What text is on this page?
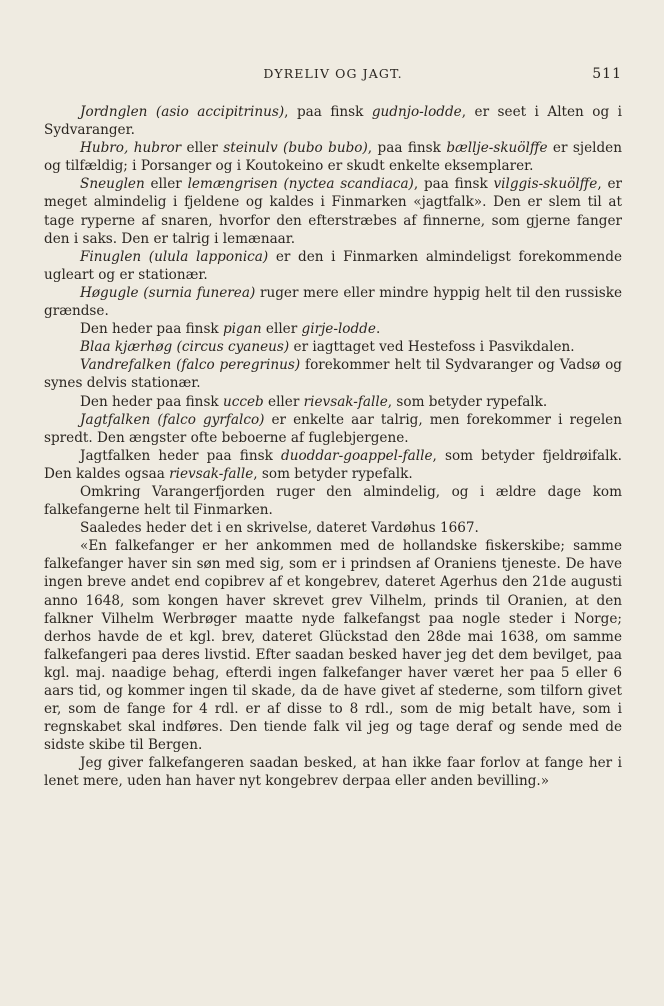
DYRELIV OG JAGT.	511

Jordnglen (asio accipitrinus), paa finsk gudnjo-lodde, er seet i Alten og i Sydvaranger.

Hubro, hubror eller steinulv (bubo bubo), paa finsk bællje-skuölffe er sjelden og tilfældig; i Porsanger og i Koutokeino er skudt enkelte eksemplarer.

Sneuglen eller lemængrisen (nyctea scandiaca), paa finsk vilggis-skuölffe, er meget almindelig i fjeldene og kaldes i Finmarken «jagtfalk». Den er slem til at tage ryperne af snaren, hvorfor den efterstræbes af finnerne, som gjerne fanger den i saks. Den er talrig i lemænaar.

Finuglen (ulula lapponica) er den i Finmarken almindeligst forekommende ugleart og er stationær.

Høgugle (surnia funerea) ruger mere eller mindre hyppig helt til den russiske grændse.

Den heder paa finsk pigan eller girje-lodde.

Blaa kjærhøg (circus cyaneus) er iagttaget ved Hestefoss i Pasvikdalen.

Vandrefalken (falco peregrinus) forekommer helt til Sydvaranger og Vadsø og synes delvis stationær.

Den heder paa finsk ucceb eller rievsak-falle, som betyder rypefalk.

Jagtfalken (falco gyrfalco) er enkelte aar talrig, men forekommer i regelen spredt. Den ængster ofte beboerne af fuglebjergene.

Jagtfalken heder paa finsk duoddar-goappel-falle, som betyder fjeldrøifalk. Den kaldes ogsaa rievsak-falle, som betyder rypefalk.

Omkring Varangerfjorden ruger den almindelig, og i ældre dage kom falkefangerne helt til Finmarken.

Saaledes heder det i en skrivelse, dateret Vardøhus 1667.

«En falkefanger er her ankommen med de hollandske fiskerskibe; samme falkefanger haver sin søn med sig, som er i prindsen af Oraniens tjeneste. De have ingen breve andet end copibrev af et kongebrev, dateret Agerhus den 21de augusti anno 1648, som kongen haver skrevet grev Vilhelm, prinds til Oranien, at den falkner Vilhelm Werbrøger maatte nyde falkefangst paa nogle steder i Norge; derhos havde de et kgl. brev, dateret Glückstad den 28de mai 1638, om samme falkefangeri paa deres livstid. Efter saadan besked haver jeg det dem bevilget, paa kgl. maj. naadige behag, efterdi ingen falkefanger haver været her paa 5 eller 6 aars tid, og kommer ingen til skade, da de have givet af stederne, som tilforn givet er, som de fange for 4 rdl. er af disse to 8 rdl., som de mig betalt have, som i regnskabet skal indføres. Den tiende falk vil jeg og tage deraf og sende med de sidste skibe til Bergen.

Jeg giver falkefangeren saadan besked, at han ikke faar forlov at fange her i lenet mere, uden han haver nyt kongebrev derpaa eller anden bevilling.»
